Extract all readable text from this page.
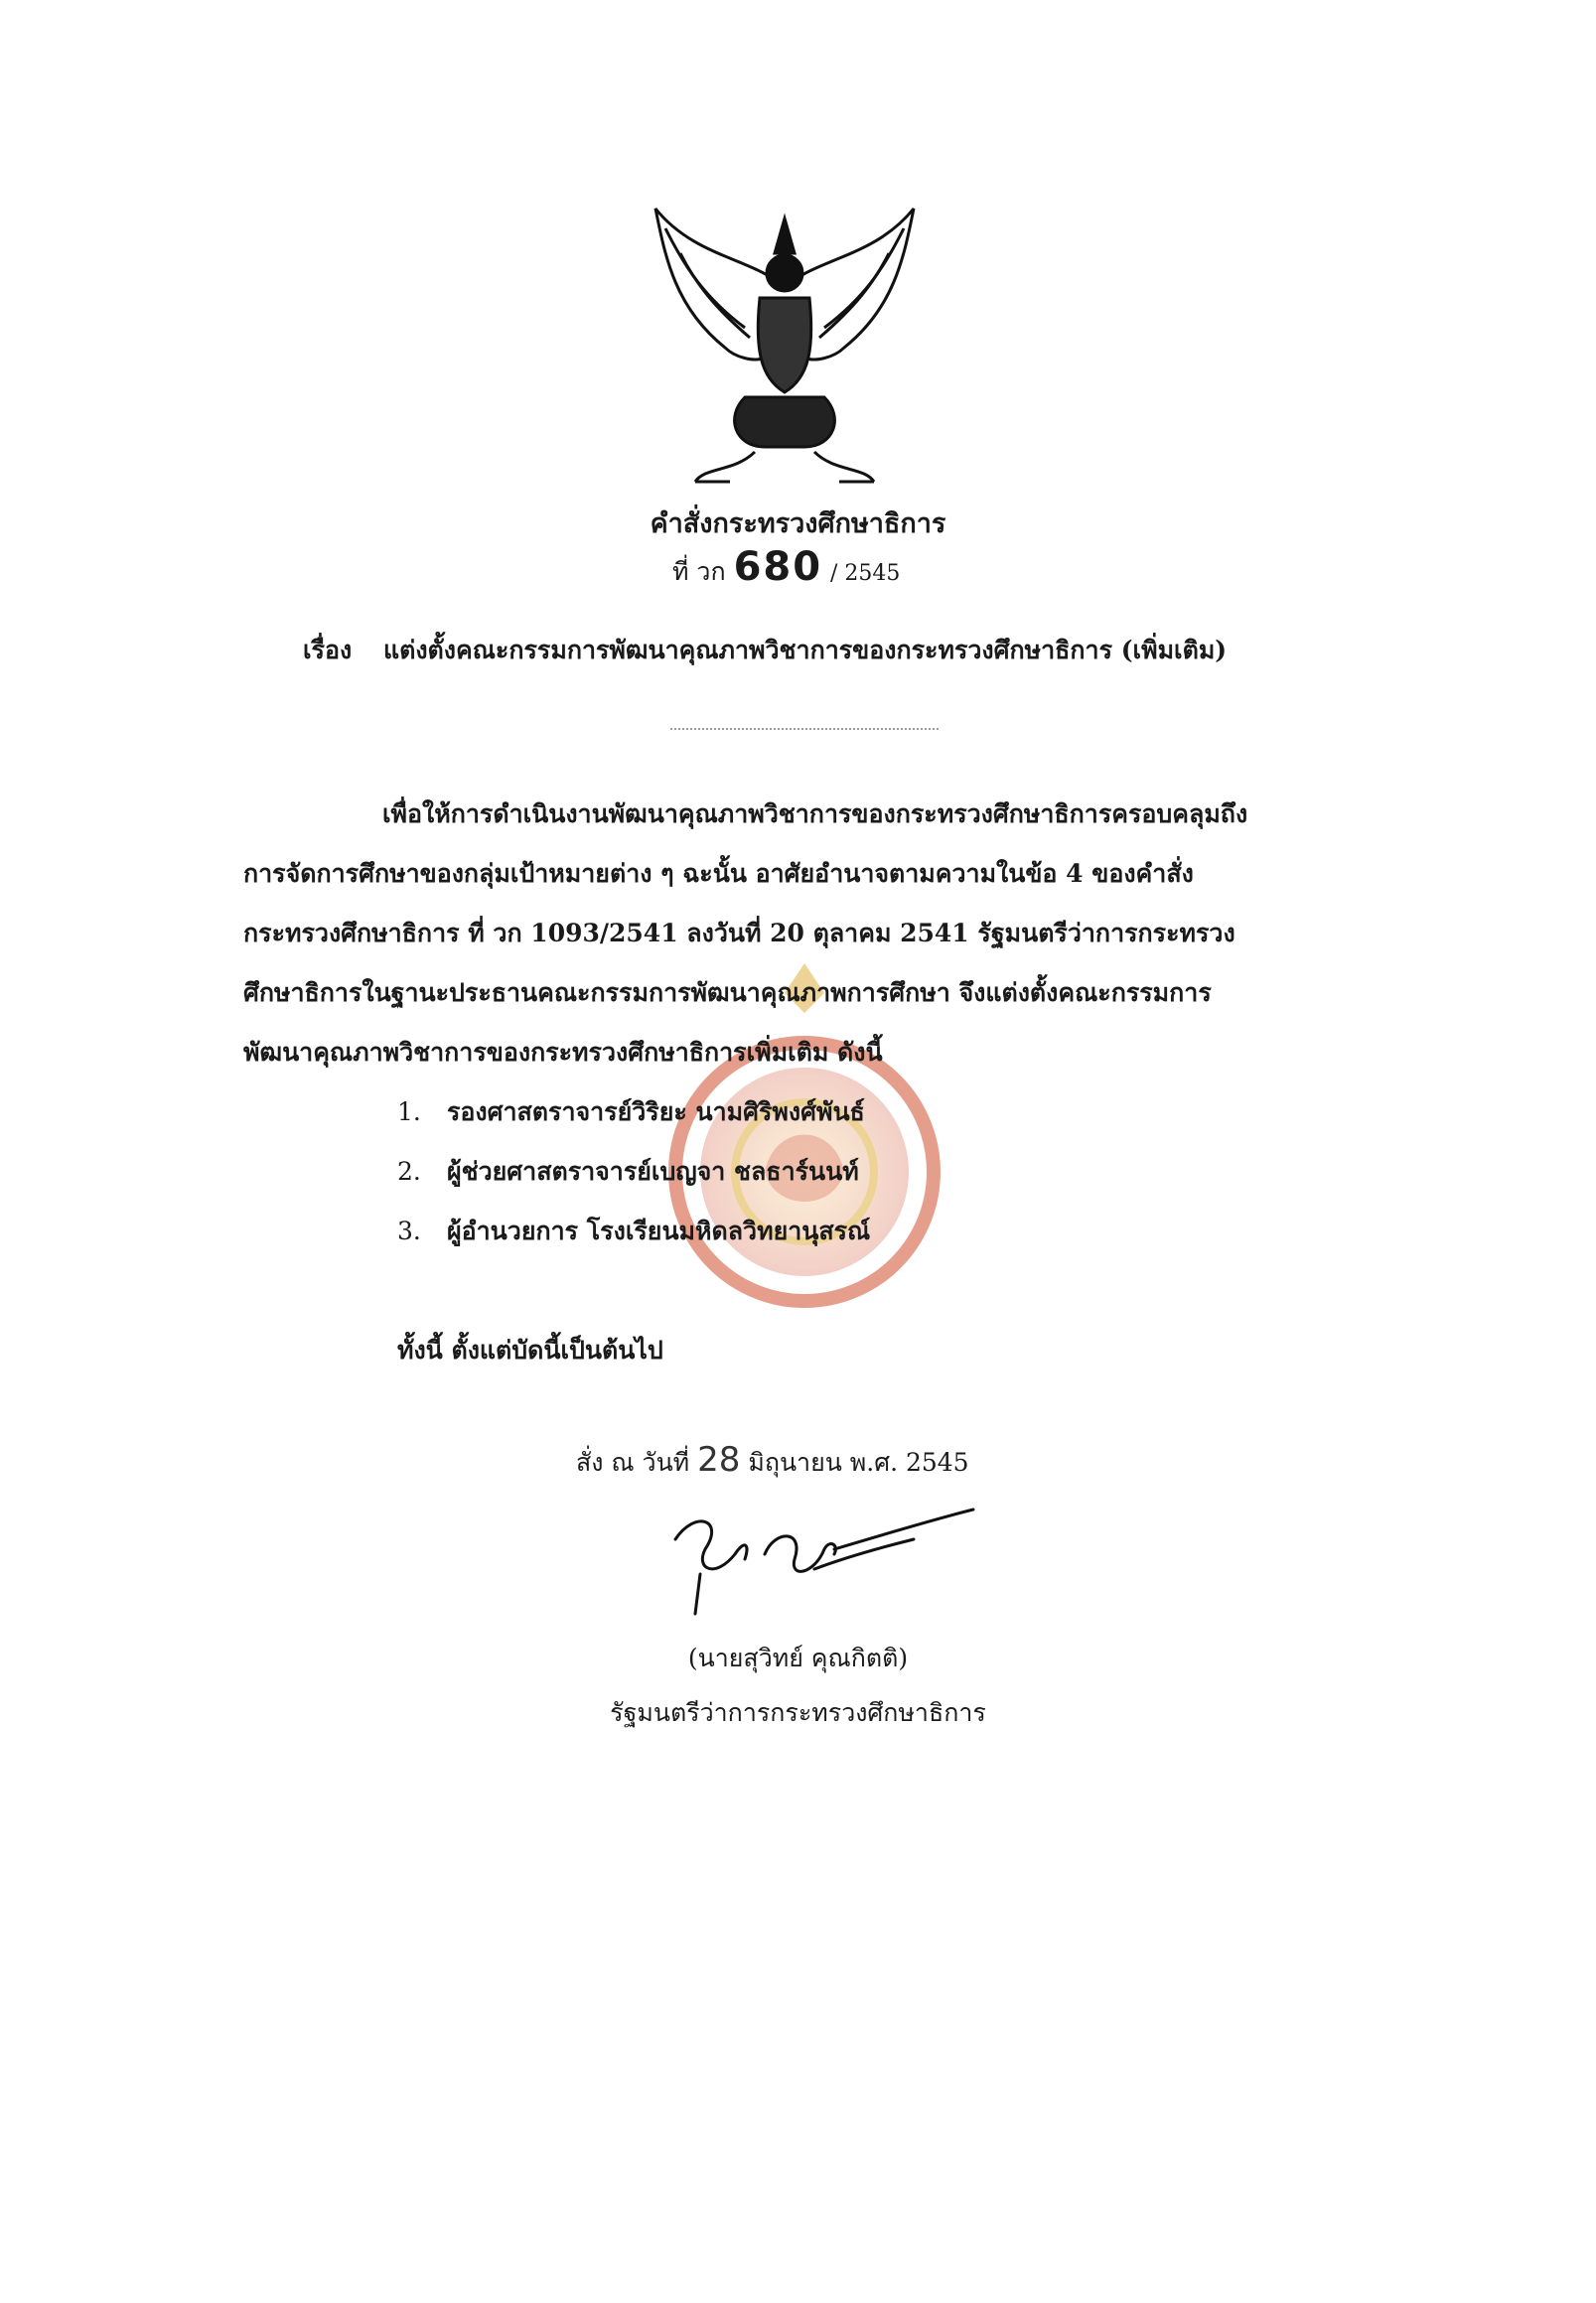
คำสั่งกระทรวงศึกษาธิการ
ที่ วก 680 / 2545
เรื่อง แต่งตั้งคณะกรรมการพัฒนาคุณภาพวิชาการของกระทรวงศึกษาธิการ (เพิ่มเติม)
เพื่อให้การดำเนินงานพัฒนาคุณภาพวิชาการของกระทรวงศึกษาธิการครอบคลุมถึง
การจัดการศึกษาของกลุ่มเป้าหมายต่าง ๆ ฉะนั้น อาศัยอำนาจตามความในข้อ 4 ของคำสั่ง
กระทรวงศึกษาธิการ ที่ วก 1093/2541 ลงวันที่ 20 ตุลาคม 2541 รัฐมนตรีว่าการกระทรวง
ศึกษาธิการในฐานะประธานคณะกรรมการพัฒนาคุณภาพการศึกษา จึงแต่งตั้งคณะกรรมการ
พัฒนาคุณภาพวิชาการของกระทรวงศึกษาธิการเพิ่มเติม ดังนี้
1. รองศาสตราจารย์วิริยะ นามศิริพงศ์พันธ์
2. ผู้ช่วยศาสตราจารย์เบญจา ชลธาร์นนท์
3. ผู้อำนวยการ โรงเรียนมหิดลวิทยานุสรณ์
ทั้งนี้ ตั้งแต่บัดนี้เป็นต้นไป
สั่ง ณ วันที่ 28 มิถุนายน พ.ศ. 2545
(นายสุวิทย์ คุณกิตติ)
รัฐมนตรีว่าการกระทรวงศึกษาธิการ
